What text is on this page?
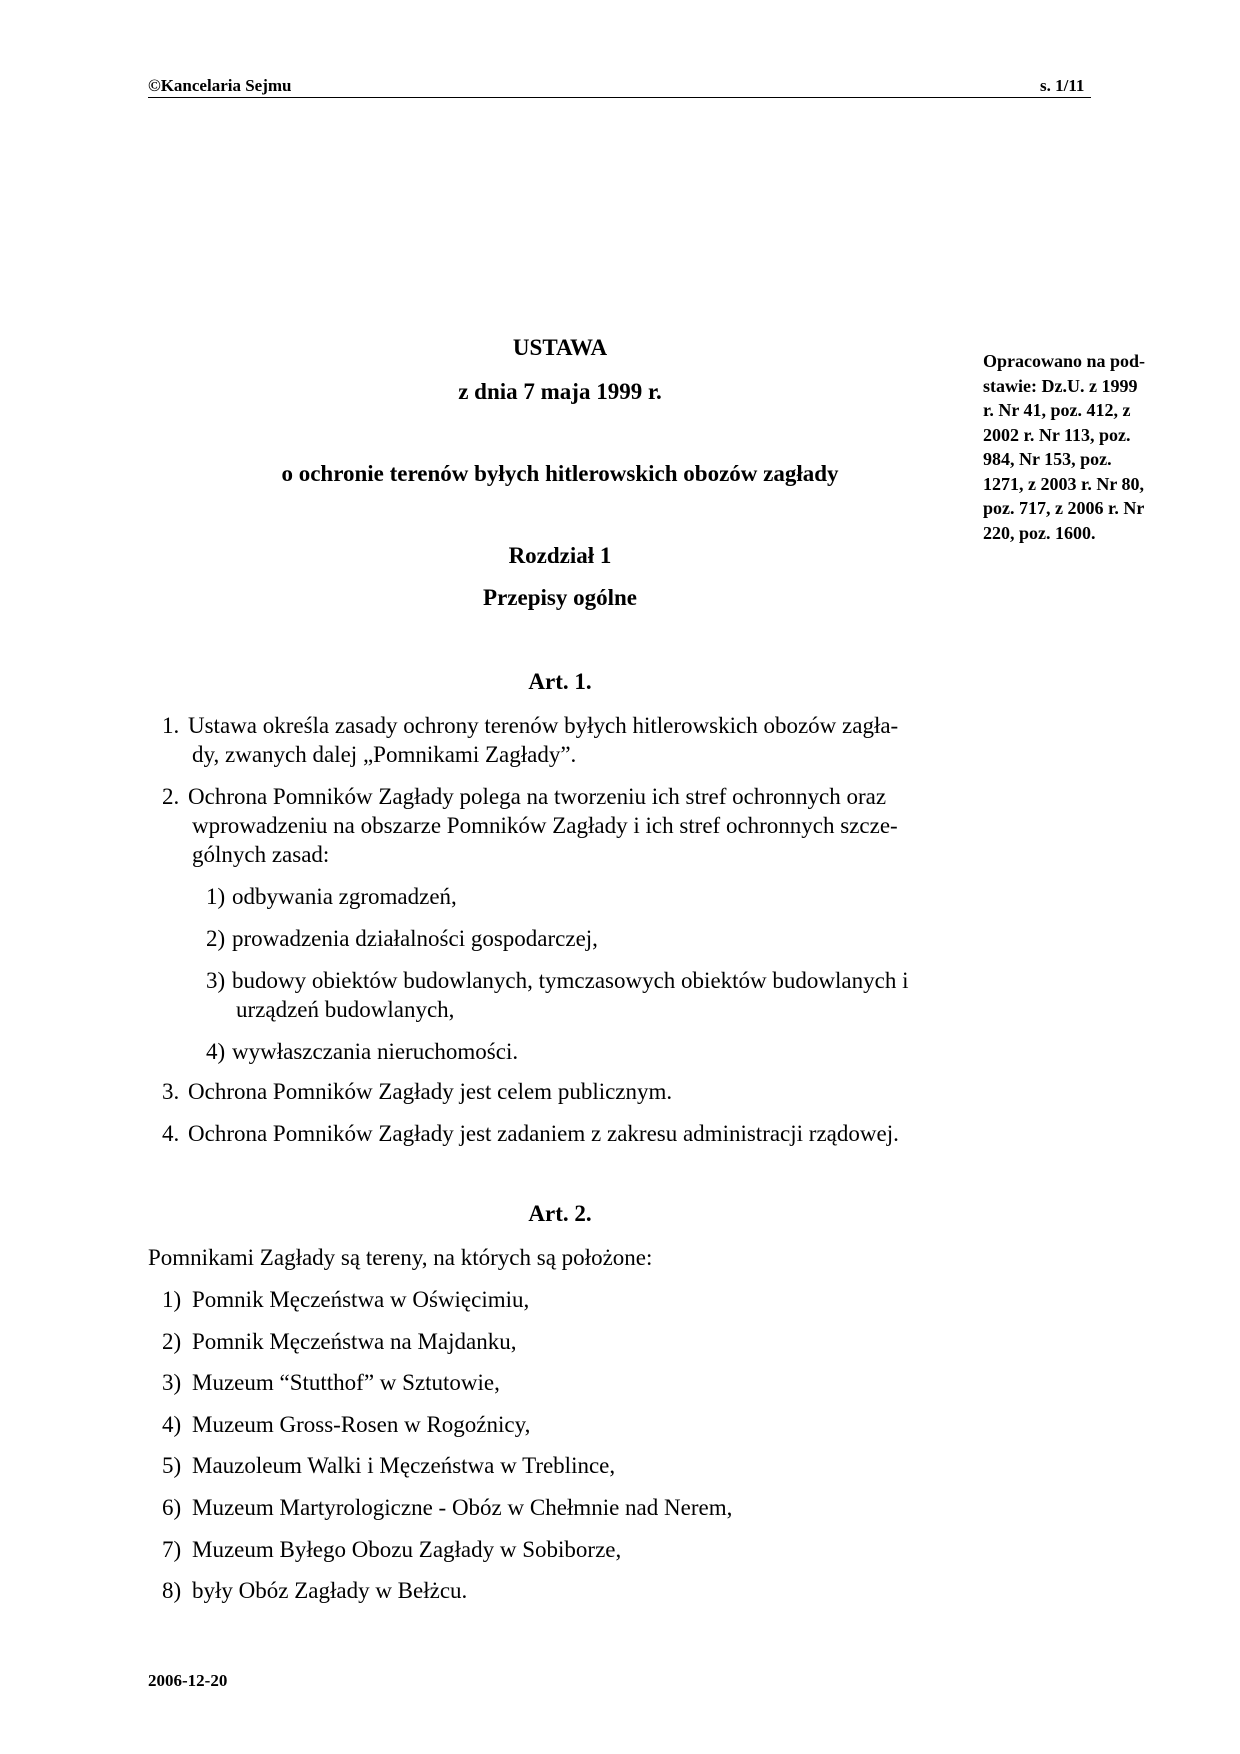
©Kancelaria Sejmu	s. 1/11
USTAWA
z dnia 7 maja 1999 r.
o ochronie terenów byłych hitlerowskich obozów zagłady
Opracowano na pod-
stawie: Dz.U. z 1999
r. Nr 41, poz. 412, z
2002 r. Nr 113, poz.
984, Nr 153, poz.
1271, z 2003 r. Nr 80,
poz. 717, z 2006 r. Nr
220, poz. 1600.
Rozdział 1
Przepisy ogólne
Art. 1.
1. Ustawa określa zasady ochrony terenów byłych hitlerowskich obozów zagła-
dy, zwanych dalej „Pomnikami Zagłady”.
2. Ochrona Pomników Zagłady polega na tworzeniu ich stref ochronnych oraz
wprowadzeniu na obszarze Pomników Zagłady i ich stref ochronnych szcze-
gólnych zasad:
1) odbywania zgromadzeń,
2) prowadzenia działalności gospodarczej,
3) budowy obiektów budowlanych, tymczasowych obiektów budowlanych i
urządzeń budowlanych,
4) wywłaszczania nieruchomości.
3. Ochrona Pomników Zagłady jest celem publicznym.
4. Ochrona Pomników Zagłady jest zadaniem z zakresu administracji rządowej.
Art. 2.
Pomnikami Zagłady są tereny, na których są położone:
1) Pomnik Męczeństwa w Oświęcimiu,
2) Pomnik Męczeństwa na Majdanku,
3) Muzeum “Stutthof” w Sztutowie,
4) Muzeum Gross-Rosen w Rogoźnicy,
5) Mauzoleum Walki i Męczeństwa w Treblince,
6) Muzeum Martyrologiczne - Obóz w Chełmnie nad Nerem,
7) Muzeum Byłego Obozu Zagłady w Sobiborze,
8) były Obóz Zagłady w Bełżcu.
2006-12-20
